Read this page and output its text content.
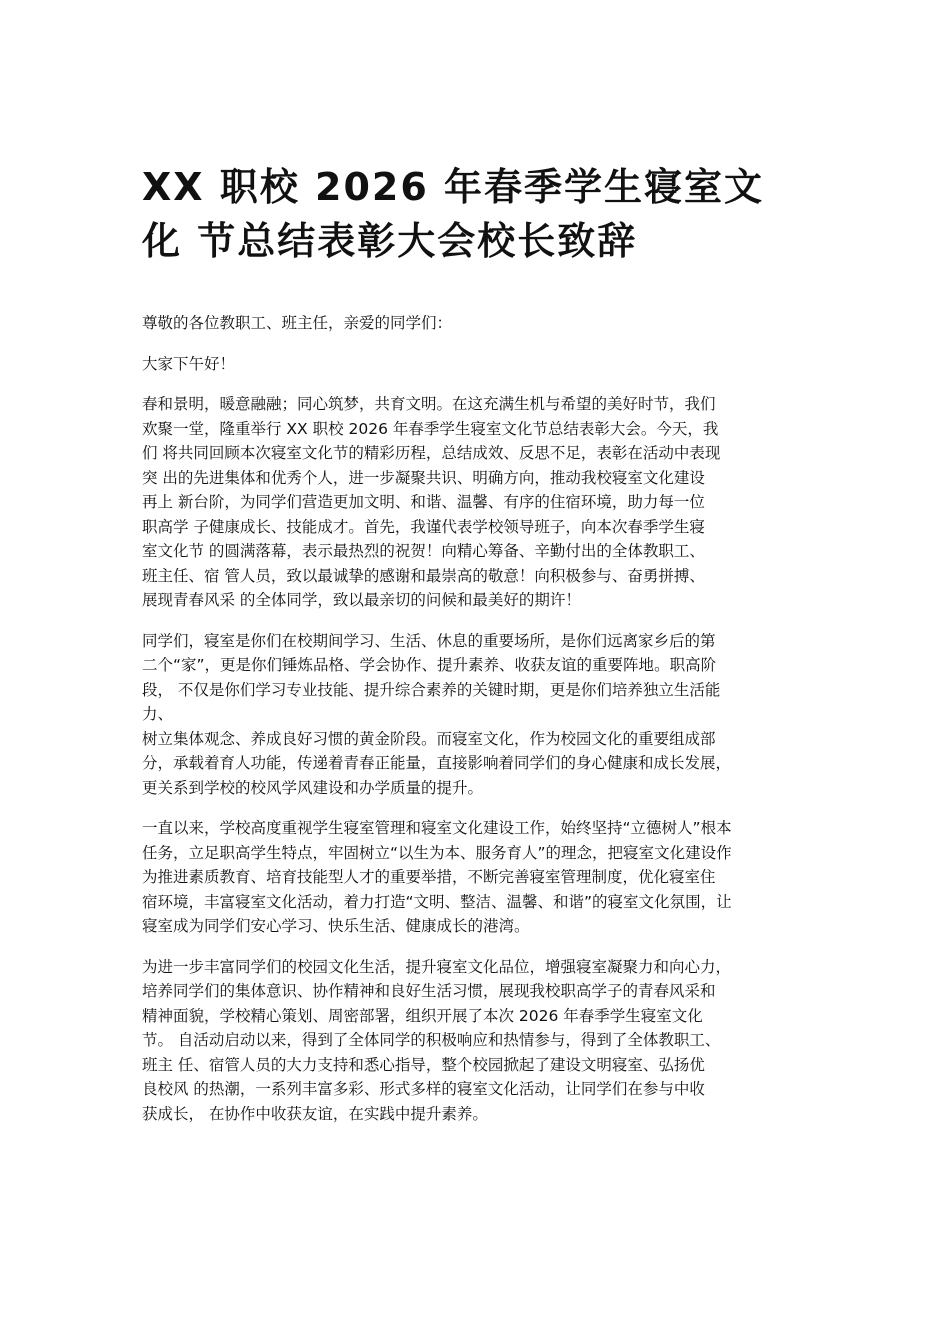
XX 职校 2026 年春季学生寝室文
化 节总结表彰大会校长致辞

尊敬的各位教职工、班主任，亲爱的同学们：

大家下午好！

春和景明，暖意融融；同心筑梦，共育文明。在这充满生机与希望的美好时节，我们
欢聚一堂，隆重举行 XX 职校 2026 年春季学生寝室文化节总结表彰大会。今天，我
们 将共同回顾本次寝室文化节的精彩历程，总结成效、反思不足，表彰在活动中表现
突 出的先进集体和优秀个人，进一步凝聚共识、明确方向，推动我校寝室文化建设
再上 新台阶，为同学们营造更加文明、和谐、温馨、有序的住宿环境，助力每一位
职高学 子健康成长、技能成才。首先，我谨代表学校领导班子，向本次春季学生寝
室文化节 的圆满落幕，表示最热烈的祝贺！向精心筹备、辛勤付出的全体教职工、
班主任、宿 管人员，致以最诚挚的感谢和最崇高的敬意！向积极参与、奋勇拼搏、
展现青春风采 的全体同学，致以最亲切的问候和最美好的期许！

同学们，寝室是你们在校期间学习、生活、休息的重要场所，是你们远离家乡后的第
二个“家”，更是你们锤炼品格、学会协作、提升素养、收获友谊的重要阵地。职高阶
段， 不仅是你们学习专业技能、提升综合素养的关键时期，更是你们培养独立生活能
力、
树立集体观念、养成良好习惯的黄金阶段。而寝室文化，作为校园文化的重要组成部
分，承载着育人功能，传递着青春正能量，直接影响着同学们的身心健康和成长发展，
更关系到学校的校风学风建设和办学质量的提升。

一直以来，学校高度重视学生寝室管理和寝室文化建设工作，始终坚持“立德树人”根本
任务，立足职高学生特点，牢固树立“以生为本、服务育人”的理念，把寝室文化建设作
为推进素质教育、培育技能型人才的重要举措，不断完善寝室管理制度，优化寝室住
宿环境，丰富寝室文化活动，着力打造“文明、整洁、温馨、和谐”的寝室文化氛围，让
寝室成为同学们安心学习、快乐生活、健康成长的港湾。

为进一步丰富同学们的校园文化生活，提升寝室文化品位，增强寝室凝聚力和向心力，
培养同学们的集体意识、协作精神和良好生活习惯，展现我校职高学子的青春风采和
精神面貌，学校精心策划、周密部署，组织开展了本次 2026 年春季学生寝室文化
节。 自活动启动以来，得到了全体同学的积极响应和热情参与，得到了全体教职工、
班主 任、宿管人员的大力支持和悉心指导，整个校园掀起了建设文明寝室、弘扬优
良校风 的热潮，一系列丰富多彩、形式多样的寝室文化活动，让同学们在参与中收
获成长， 在协作中收获友谊，在实践中提升素养。
